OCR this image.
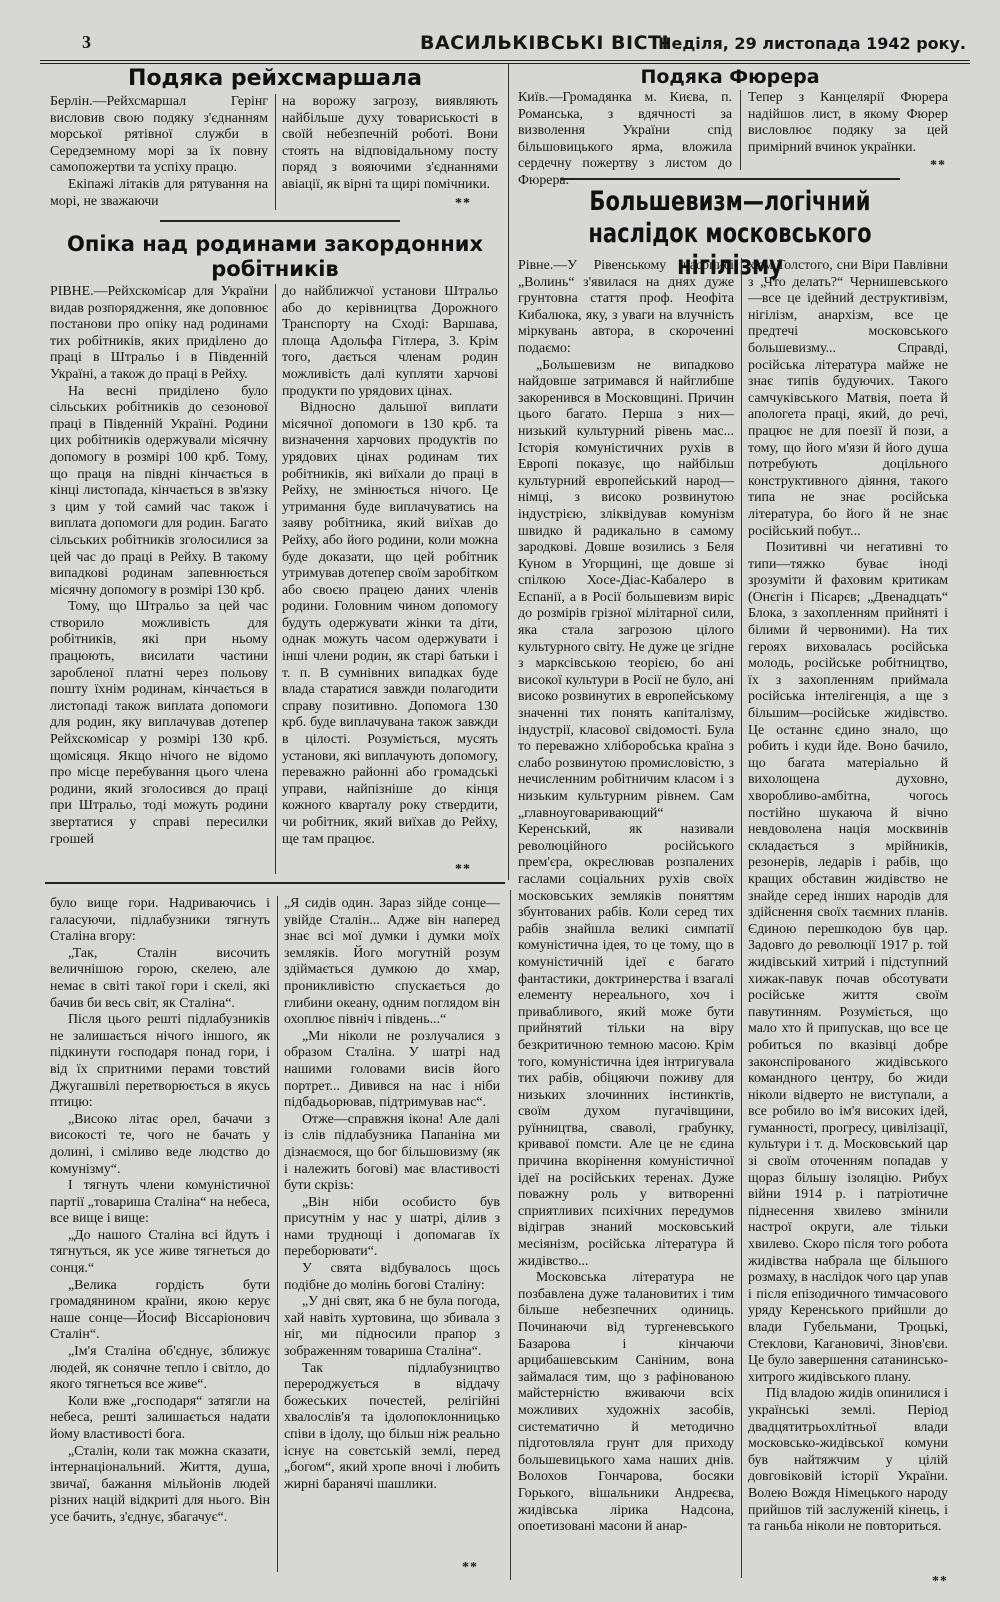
3	ВАСИЛЬКІВСЬКІ ВІСТІ
Неділя, 29 листопада 1942 року.
Подяка рейхсмаршала

Берлін.—Рейхсмаршал Герінг висловив свою подяку з'єднанням морської рятівної служби в Середземному морі за їх повну самопожертви та успіху працю.

Екіпажі літаків для рятування на морі, не зважаючи

на ворожу загрозу, виявляють найбільше духу товариськості в своїй небезпечній роботі. Вони стоять на відповідальному посту поряд з вояючими з'єднаннями авіації, як вірні та щирі помічники.

**
Опіка над родинами закордонних робітників

РІВНЕ.—Рейхскомісар для України видав розпорядження, яке доповнює постанови про опіку над родинами тих робітників, яких приділено до праці в Штральо і в Південній Україні, а також до праці в Рейху.

На весні приділено було сільських робітників до сезонової праці в Південній Україні. Родини цих робітників одержували місячну допомогу в розмірі 100 крб. Тому, що праця на півдні кінчається в кінці листопада, кінчається в зв'язку з цим у той самий час також і виплата допомоги для родин. Багато сільських робітників зголосилися за цей час до праці в Рейху. В такому випадкові родинам запевнюється місячну допомогу в розмірі 130 крб.

Тому, що Штральо за цей час створило можливість для робітників, які при ньому працюють, висилати частини заробленої платні через польову пошту їхнім родинам, кінчається в листопаді також виплата допомоги для родин, яку виплачував дотепер Рейхскомісар у розмірі 130 крб. щомісяця. Якщо нічого не відомо про місце перебування цього члена родини, який зголосився до праці при Штральо, тоді можуть родини звертатися у справі пересилки грошей

до найближчої установи Штральо або до керівництва Дорожного Транспорту на Сході: Варшава, площа Адольфа Гітлера, 3. Крім того, дається членам родин можливість далі купляти харчові продукти по урядових цінах.

Відносно дальшої виплати місячної допомоги в 130 крб. та визначення харчових продуктів по урядових цінах родинам тих робітників, які виїхали до праці в Рейху, не змінюється нічого. Це утримання буде виплачуватись на заяву робітника, який виїхав до Рейху, або його родини, коли можна буде доказати, що цей робітник утримував дотепер своїм заробітком або своєю працею даних членів родини. Головним чином допомогу будуть одержувати жінки та діти, однак можуть часом одержувати і інші члени родин, як старі батьки і т. п. В сумнівних випадках буде влада старатися завжди полагодити справу позитивно. Допомога 130 крб. буде виплачувана також завжди в цілості. Розуміється, мусять установи, які виплачують допомогу, переважно районні або громадські управи, найпізніше до кінця кожного кварталу року ствердити, чи робітник, який виїхав до Рейху, ще там працює.

**

було вище гори. Надриваючись і галасуючи, підлабузники тягнуть Сталіна вгору:

„Так, Сталін височить величнішою горою, скелею, але немає в світі такої гори і скелі, які бачив би весь світ, як Сталіна“.

Після цього решті підлабузників не залишається нічого іншого, як підкинути господаря понад гори, і від їх спритними перами товстий Джугашвілі перетворюється в якусь птицю:

„Високо літає орел, бачачи з високості те, чого не бачать у долині, і сміливо веде людство до комунізму“.

І тягнуть члени комуністичної партії „товариша Сталіна“ на небеса, все вище і вище:

„До нашого Сталіна всі йдуть і тягнуться, як усе живе тягнеться до сонця.“

„Велика гордість бути громадянином країни, якою керує наше сонце—Йосиф Віссаріонович Сталін“.

„Ім'я Сталіна об'єднує, зближує людей, як сонячне тепло і світло, до якого тягнеться все живе“.

Коли вже „господаря“ затягли на небеса, решті залишається надати йому властивості бога.

„Сталін, коли так можна сказати, інтернаціональний. Життя, душа, звичаї, бажання мільйонів людей різних націй відкриті для нього. Він усе бачить, з'єднує, збагачує“.

„Я сидів один. Зараз зійде сонце—увійде Сталін... Адже він наперед знає всі мої думки і думки моїх земляків. Його могутній розум здіймається думкою до хмар, проникливістю спускається до глибини океану, одним поглядом він охоплює північ і південь...“

„Ми ніколи не розлучалися з образом Сталіна. У шатрі над нашими головами висів його портрет... Дивився на нас і ніби підбадьорював, підтримував нас“.

Отже—справжня ікона! Але далі із слів підлабузника Папаніна ми дізнаємося, що бог більшовизму (як і належить богові) має властивості бути скрізь:

„Він ніби особисто був присутнім у нас у шатрі, ділив з нами труднощі і допомагав їх переборювати“.

У свята відбувалось щось подібне до молінь богові Сталіну:

„У дні свят, яка б не була погода, хай навіть хуртовина, що збивала з ніг, ми підносили прапор з зображенням товариша Сталіна“.

Так підлабузництво перероджується в віддачу божеських почестей, релігійні хвалослів'я та ідолопоклонницько співи в ідолу, що більш ніж реально існує на совєтській землі, перед „богом“, який хропе вночі і любить жирні баранячі шашлики.

**
Подяка Фюрера

Київ.—Громадянка м. Києва, п. Романська, з вдячності за визволення України спід більшовицького ярма, вложила сердечну пожертву з листом до Фюрера.

Тепер з Канцелярії Фюрера надійшов лист, в якому Фюрер висловлює подяку за цей примірний вчинок українки.

**
Большевизм—логічний наслідок московського нігілізму

Рівне.—У Рівенському часописі „Волинь“ з'явилася на днях дуже грунтовна стаття проф. Неофіта Кибалюка, яку, з уваги на влучність міркувань автора, в скороченні подаємо:

„Большевизм не випадково найдовше затримався й найглибше закоренився в Московщині. Причин цього багато. Перша з них—низький культурний рівень мас... Історія комуністичних рухів в Европі показує, що найбільш культурний европейський народ—німці, з високо розвинутою індустрією, зліквідував комунізм швидко й радикально в самому зародкові. Довше возились з Беля Куном в Угорщині, ще довше зі спілкою Хосе-Діас-Кабалеро в Еспанії, а в Росії большевизм виріс до розмірів грізної мілітарної сили, яка стала загрозою цілого культурного світу. Не дуже це згідне з марксівською теорією, бо ані високої культури в Росії не було, ані високо розвинутих в европейському значенні тих понять капіталізму, індустрії, класової свідомості. Була то переважно хліборобська країна з слабо розвинутою промисловістю, з нечисленним робітничим класом і з низьким культурним рівнем. Сам „главноуговаривающий“ Керенський, як називали революційного російського прем'єра, окреслював розпалених гаслами соціальних рухів своїх московських земляків поняттям збунтованих рабів. Коли серед тих рабів знайшла великі симпатії комуністична ідея, то це тому, що в комуністичній ідеї є багато фантастики, доктринерства і взагалі елементу нереального, хоч і привабливого, який може бути прийнятий тільки на віру безкритичною темною масою. Крім того, комуністична ідея інтригувала тих рабів, обіцяючи поживу для низьких злочинних інстинктів, своїм духом пугачівщини, руїнництва, сваволі, грабунку, кривавої помсти. Але це не єдина причина вкорінення комуністичної ідеї на російських теренах. Дуже поважну роль у витворенні сприятливих психічних передумов відіграв знаний московський месіянізм, російська література й жидівство...

Московська література не позбавлена дуже талановитих і тим більше небезпечних одиниць. Починаючи від тургеневського Базарова і кінчаючи арцибашевським Саніним, вона займалася тим, що з рафінованою майстерністю вживаючи всіх можливих художніх засобів, систематично й методично підготовляла грунт для приходу большевицького хама наших днів. Волохов Гончарова, босяки Горького, вішальники Андреєва, жидівська лірика Надсона, опоетизовані масони й анар-

хізм Толстого, сни Віри Павлівни з „Что делать?“ Чернишевського—все це ідейний деструктивізм, нігілізм, анархізм, все це предтечі московського большевизму... Справді, російська література майже не знає типів будуючих. Такого самчуківського Матвія, поета й апологета праці, який, до речі, працює не для поезії й пози, а тому, що його м'язи й його душа потребують доцільного конструктивного діяння, такого типа не знає російська література, бо його й не знає російський побут...

Позитивні чи негативні то типи—тяжко буває іноді зрозуміти й фаховим критикам (Онєгін і Пісарєв; „Двенадцать“ Блока, з захопленням прийняті і білими й червоними). На тих героях виховалась російська молодь, російське робітництво, їх з захопленням приймала російська інтелігенція, а ще з більшим—російське жидівство. Це останнє єдино знало, що робить і куди йде. Воно бачило, що багата матеріально й вихолощена духовно, хворобливо-амбітна, чогось постійно шукаюча й вічно невдоволена нація москвинів складається з мрійників, резонерів, ледарів і рабів, що кращих обставин жидівство не знайде серед інших народів для здійснення своїх таємних планів. Єдиною перешкодою був цар. Задовго до революції 1917 р. той жидівський хитрий і підступний хижак-павук почав обсотувати російське життя своїм павутинням. Розуміється, що мало хто й припускав, що все це робиться по вказівці добре законспірованого жидівського командного центру, бо жиди ніколи відверто не виступали, а все робило во ім'я високих ідей, гуманності, прогресу, цивілізації, культури і т. д. Московський цар зі своїм оточенням попадав у щораз більшу ізоляцію. Рибух війни 1914 р. і патріотичне піднесення хвилево змінили настрої округи, але тільки хвилево. Скоро після того робота жидівства набрала ще більшого розмаху, в наслідок чого цар упав і після епізодичного тимчасового уряду Керенського прийшли до влади Губельмани, Троцькі, Стеклови, Кагановичі, Зінов'єви. Це було завершення сатанинсько-хитрого жидівського плану.

Під владою жидів опинилися і українські землі. Період двадцятитрьохлітньої влади московсько-жидівської комуни був найтяжчим у цілій довговіковій історії України. Волею Вождя Німецького народу прийшов тій заслуженій кінець, і та ганьба ніколи не повториться.

**
